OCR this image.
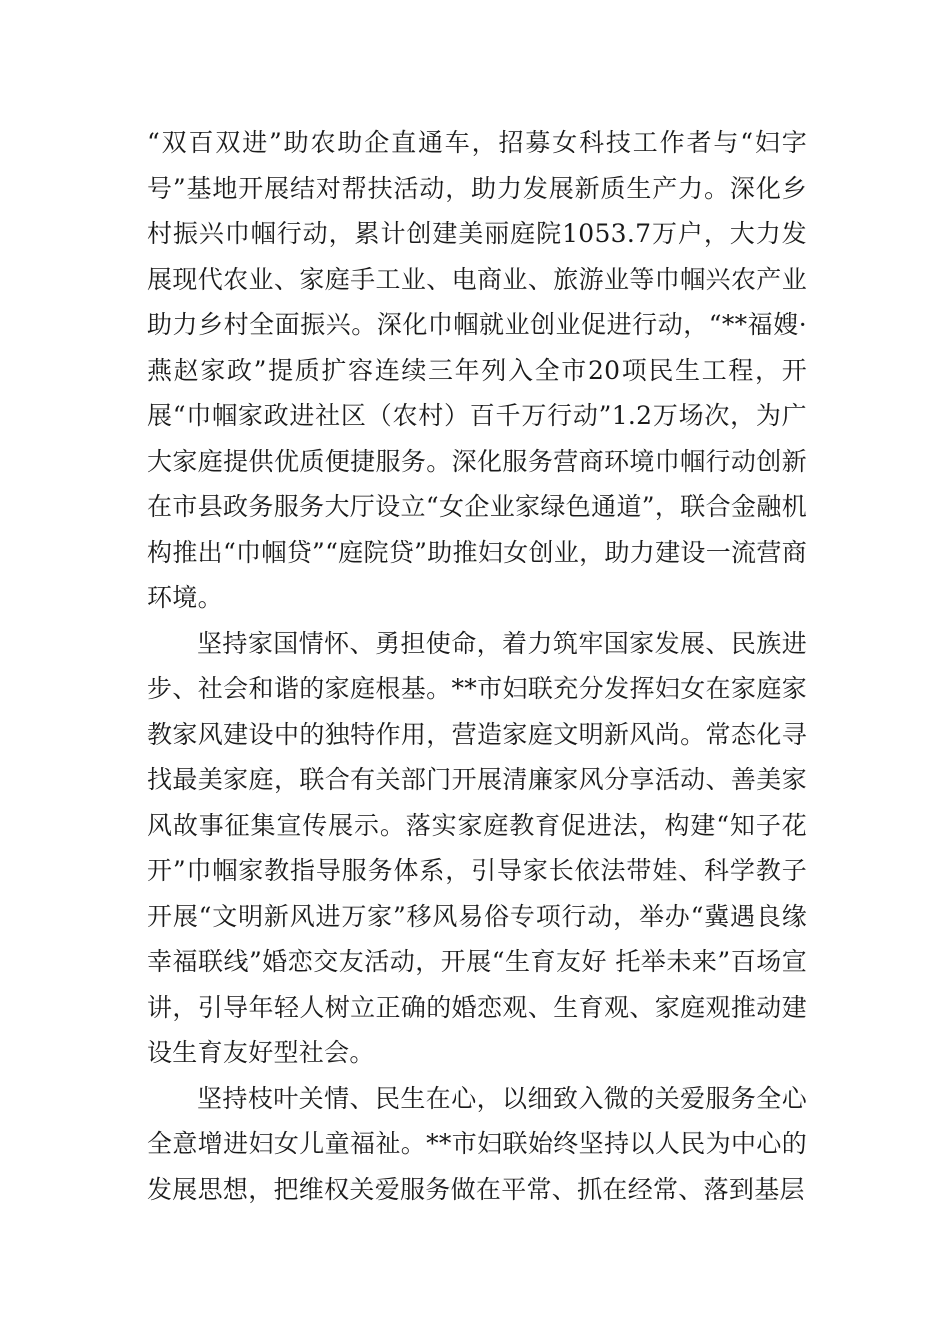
“双百双进”助农助企直通车，招募女科技工作者与“妇字号”基地开展结对帮扶活动，助力发展新质生产力。深化乡村振兴巾帼行动，累计创建美丽庭院1053.7万户，大力发展现代农业、家庭手工业、电商业、旅游业等巾帼兴农产业助力乡村全面振兴。深化巾帼就业创业促进行动，“**福嫂·燕赵家政”提质扩容连续三年列入全市20项民生工程，开展“巾帼家政进社区（农村）百千万行动”1.2万场次，为广大家庭提供优质便捷服务。深化服务营商环境巾帼行动创新在市县政务服务大厅设立“女企业家绿色通道”，联合金融机构推出“巾帼贷”“庭院贷”助推妇女创业，助力建设一流营商环境。

坚持家国情怀、勇担使命，着力筑牢国家发展、民族进步、社会和谐的家庭根基。**市妇联充分发挥妇女在家庭家教家风建设中的独特作用，营造家庭文明新风尚。常态化寻找最美家庭，联合有关部门开展清廉家风分享活动、善美家风故事征集宣传展示。落实家庭教育促进法，构建“知子花开”巾帼家教指导服务体系，引导家长依法带娃、科学教子开展“文明新风进万家”移风易俗专项行动，举办“冀遇良缘 幸福联线”婚恋交友活动，开展“生育友好 托举未来”百场宣讲，引导年轻人树立正确的婚恋观、生育观、家庭观推动建设生育友好型社会。

坚持枝叶关情、民生在心，以细致入微的关爱服务全心全意增进妇女儿童福祉。**市妇联始终坚持以人民为中心的发展思想，把维权关爱服务做在平常、抓在经常、落到基层
